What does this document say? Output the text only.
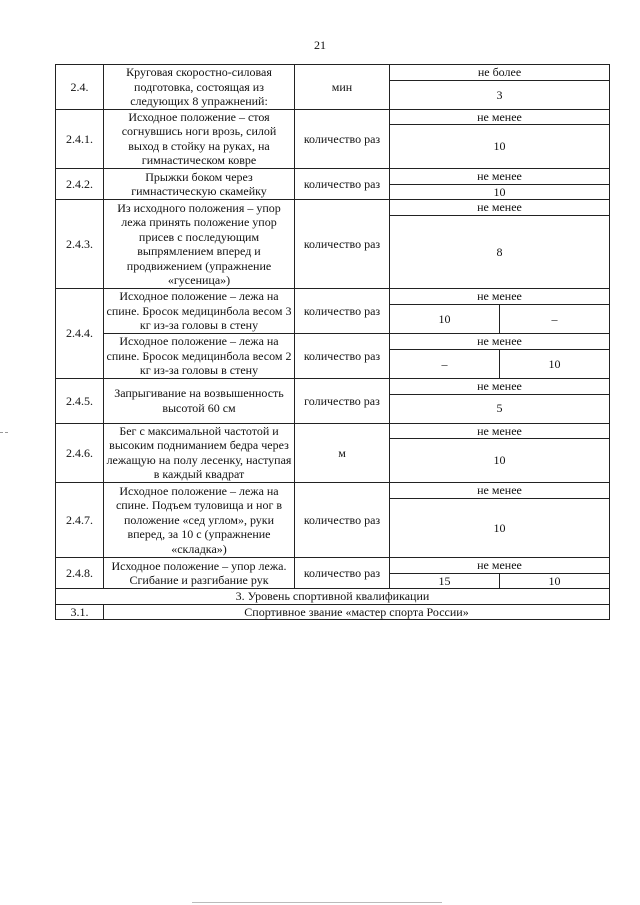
21
2.4.	Круговая скоростно-силовая подготовка, состоящая из следующих 8 упражнений:	мин	не более	
			3	
2.4.1.	Исходное положение – стоя согнувшись ноги врозь, силой выход в стойку на руках, на гимнастическом ковре	количество раз	не менее	
			10	
2.4.2.	Прыжки боком через гимнастическую скамейку	количество раз	не менее	
			10	
2.4.3.	Из исходного положения – упор лежа принять положение упор присев с последующим выпрямлением вперед и продвижением (упражнение «гусеница»)	количество раз	не менее	
			8	
2.4.4.	Исходное положение – лежа на спине. Бросок медицинбола весом 3 кг из-за головы в стену	количество раз	не менее	
			10	–
	Исходное положение – лежа на спине. Бросок медицинбола весом 2 кг из-за головы в стену	количество раз	не менее	
			–	10
2.4.5.	Запрыгивание на возвышенность высотой 60 см	голичество раз	не менее	
			5	
2.4.6.	Бег с максимальной частотой и высоким подниманием бедра через лежащую на полу лесенку, наступая в каждый квадрат	м	не менее	
			10	
2.4.7.	Исходное положение – лежа на спине. Подъем туловища и ног в положение «сед углом», руки вперед, за 10 с (упражнение «складка»)	количество раз	не менее	
			10	
2.4.8.	Исходное положение – упор лежа. Сгибание и разгибание рук	количество раз	не менее	
			15	10
3. Уровень спортивной квалификации				
3.1.	Спортивное звание «мастер спорта России»			
